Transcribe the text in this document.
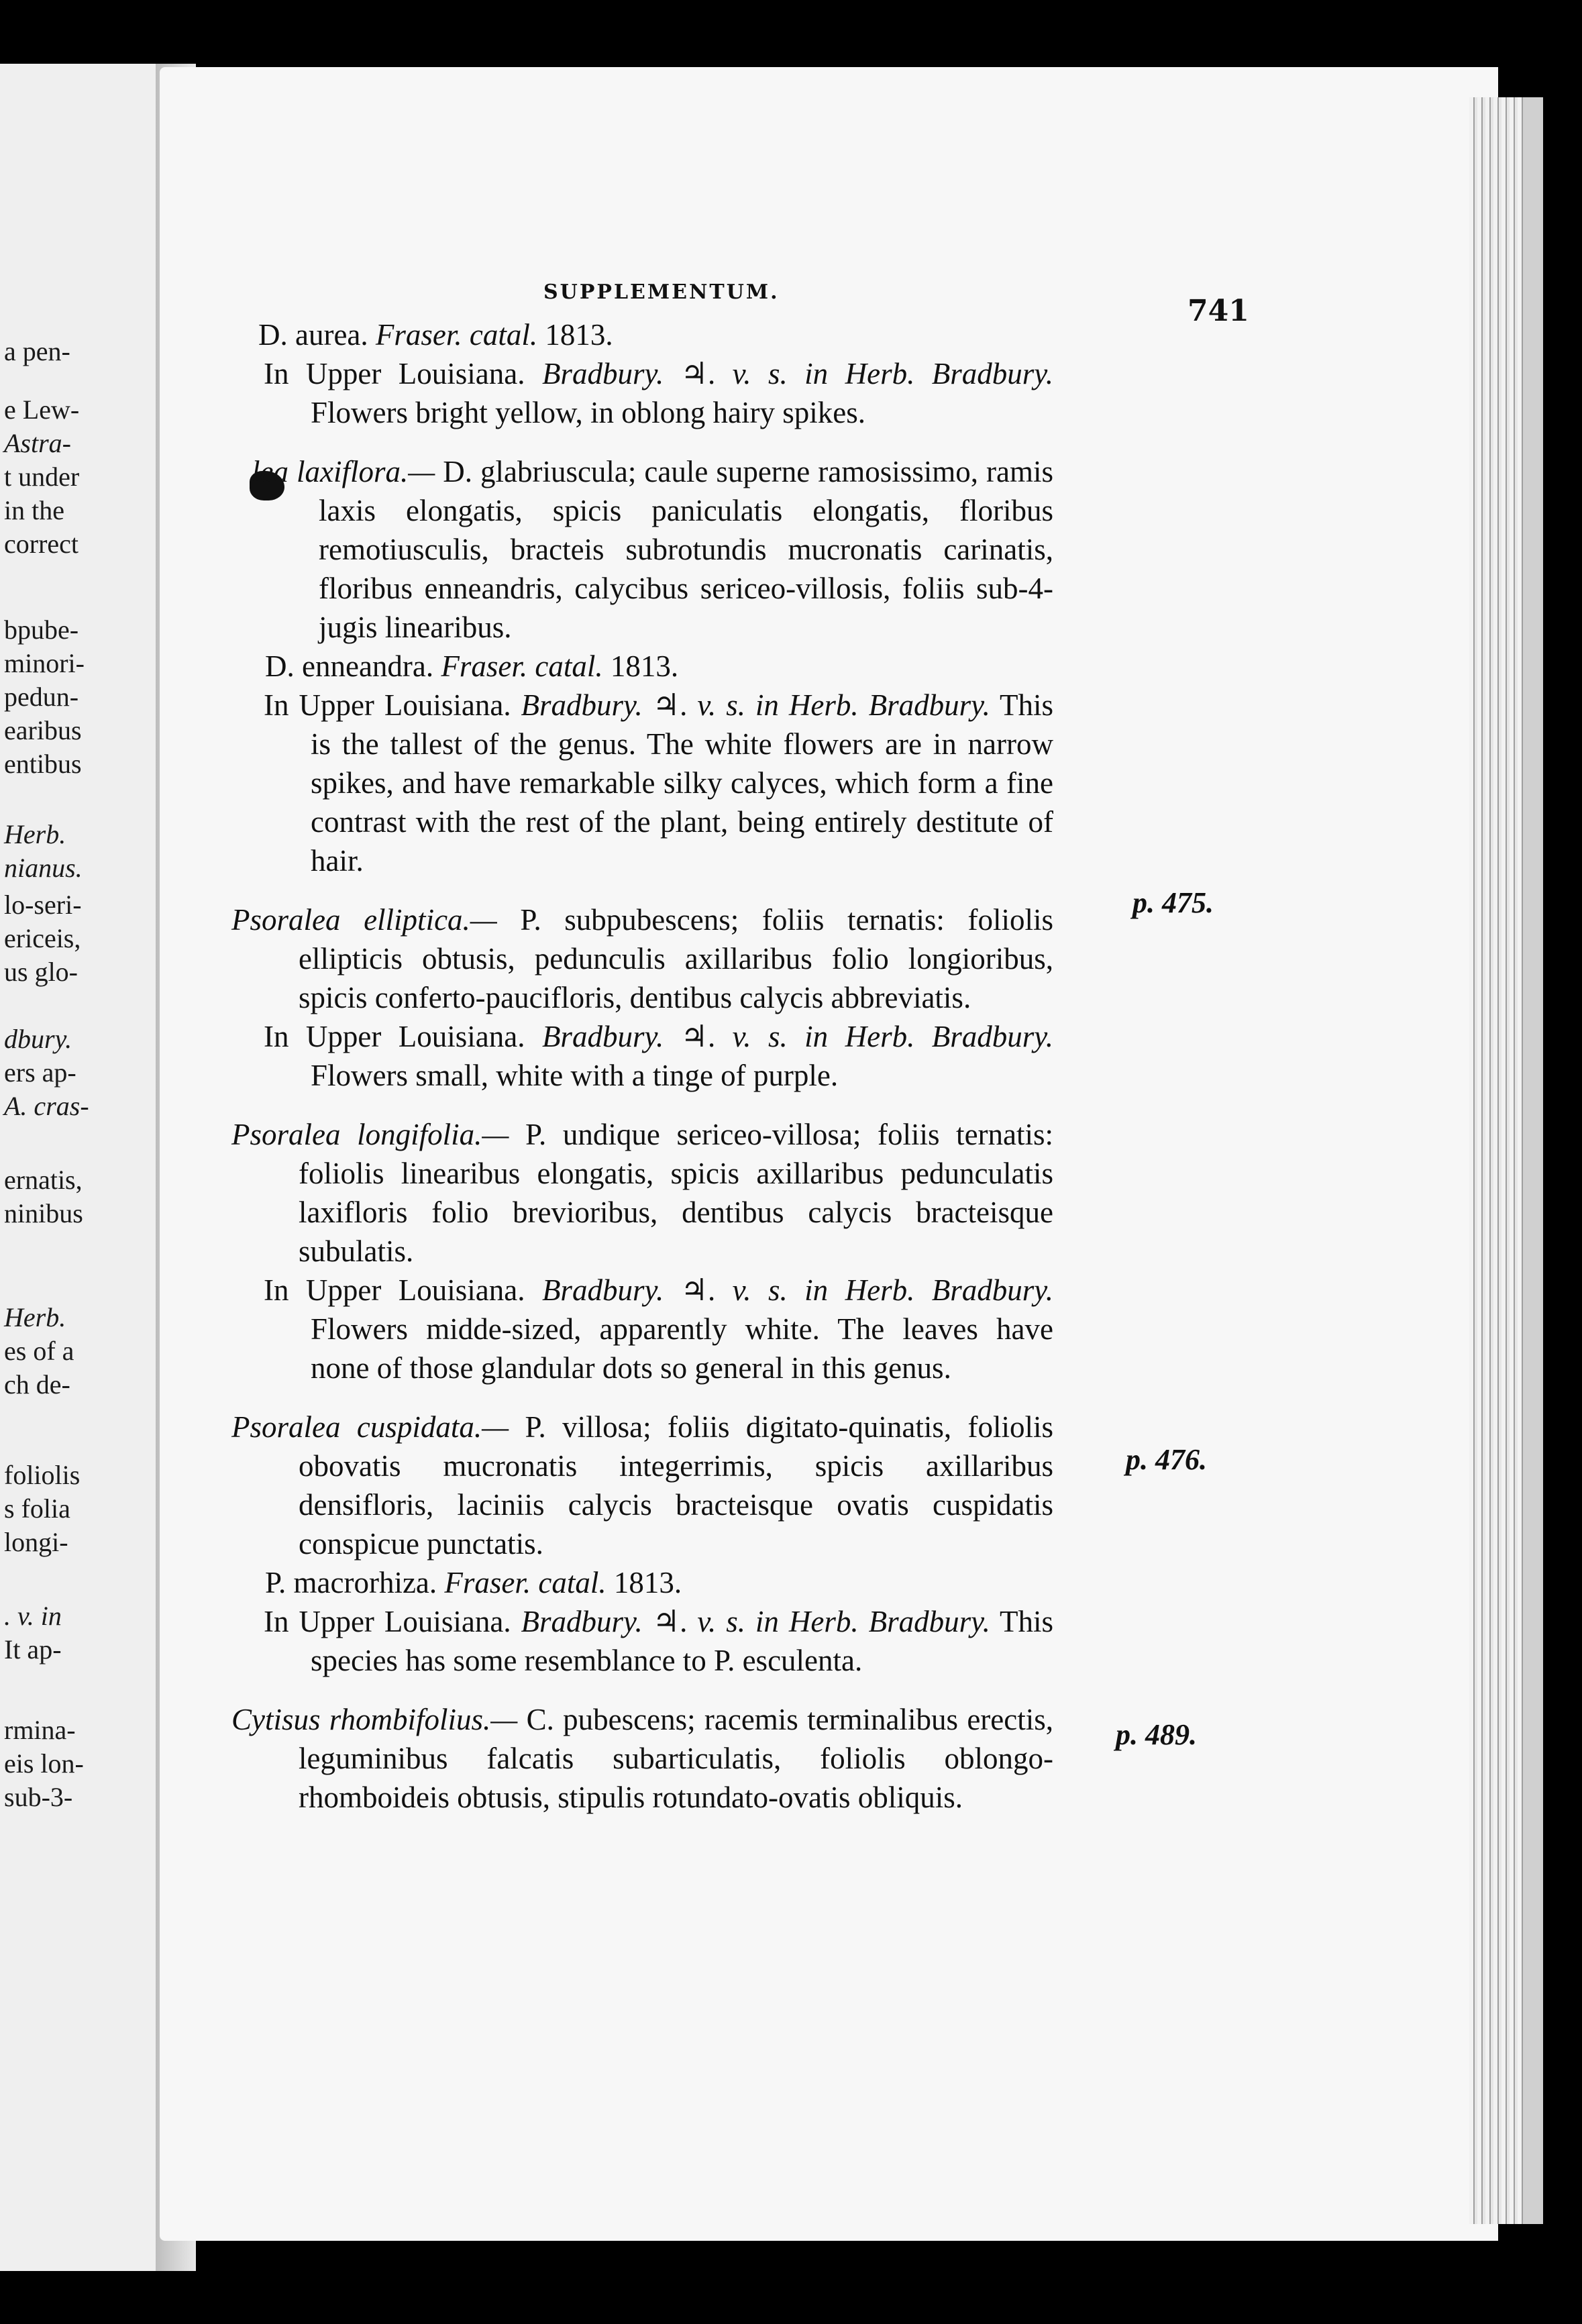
a pen-
e Lew-
Astra-
t under
in the
correct
bpube-
minori-
pedun-
earibus
entibus
Herb.
nianus.
lo-seri-
ericeis,
us glo-
dbury.
ers ap-
A. cras-
ernatis,
ninibus
Herb.
es of a
ch de-
foliolis
s folia
longi-
. v. in
It ap-
rmina-
eis lon-
sub-3-
SUPPLEMENTUM.
741
D. aurea. Fraser. catal. 1813.
In Upper Louisiana. Bradbury. ♃. v. s. in Herb. Bradbury. Flowers bright yellow, in oblong hairy spikes.
lea laxiflora.— D. glabriuscula; caule superne ramosissimo, ramis laxis elongatis, spicis paniculatis elongatis, floribus remotiusculis, bracteis subrotundis mucronatis carinatis, floribus enneandris, calycibus sericeo-villosis, foliis sub-4-jugis linearibus.
D. enneandra. Fraser. catal. 1813.
In Upper Louisiana. Bradbury. ♃. v. s. in Herb. Bradbury. This is the tallest of the genus. The white flowers are in narrow spikes, and have remarkable silky calyces, which form a fine contrast with the rest of the plant, being entirely destitute of hair.
Psoralea elliptica.— P. subpubescens; foliis ternatis: foliolis ellipticis obtusis, pedunculis axillaribus folio longioribus, spicis conferto-paucifloris, dentibus calycis abbreviatis.
In Upper Louisiana. Bradbury. ♃. v. s. in Herb. Bradbury. Flowers small, white with a tinge of purple.
Psoralea longifolia.— P. undique sericeo-villosa; foliis ternatis: foliolis linearibus elongatis, spicis axillaribus pedunculatis laxifloris folio brevioribus, dentibus calycis bracteisque subulatis.
In Upper Louisiana. Bradbury. ♃. v. s. in Herb. Bradbury. Flowers midde-sized, apparently white. The leaves have none of those glandular dots so general in this genus.
Psoralea cuspidata.— P. villosa; foliis digitato-quinatis, foliolis obovatis mucronatis integerrimis, spicis axillaribus densifloris, laciniis calycis bracteisque ovatis cuspidatis conspicue punctatis.
P. macrorhiza. Fraser. catal. 1813.
In Upper Louisiana. Bradbury. ♃. v. s. in Herb. Bradbury. This species has some resemblance to P. esculenta.
Cytisus rhombifolius.— C. pubescens; racemis terminalibus erectis, leguminibus falcatis subarticulatis, foliolis oblongo-rhomboideis obtusis, stipulis rotundato-ovatis obliquis.
p. 475.
p. 476.
p. 489.
